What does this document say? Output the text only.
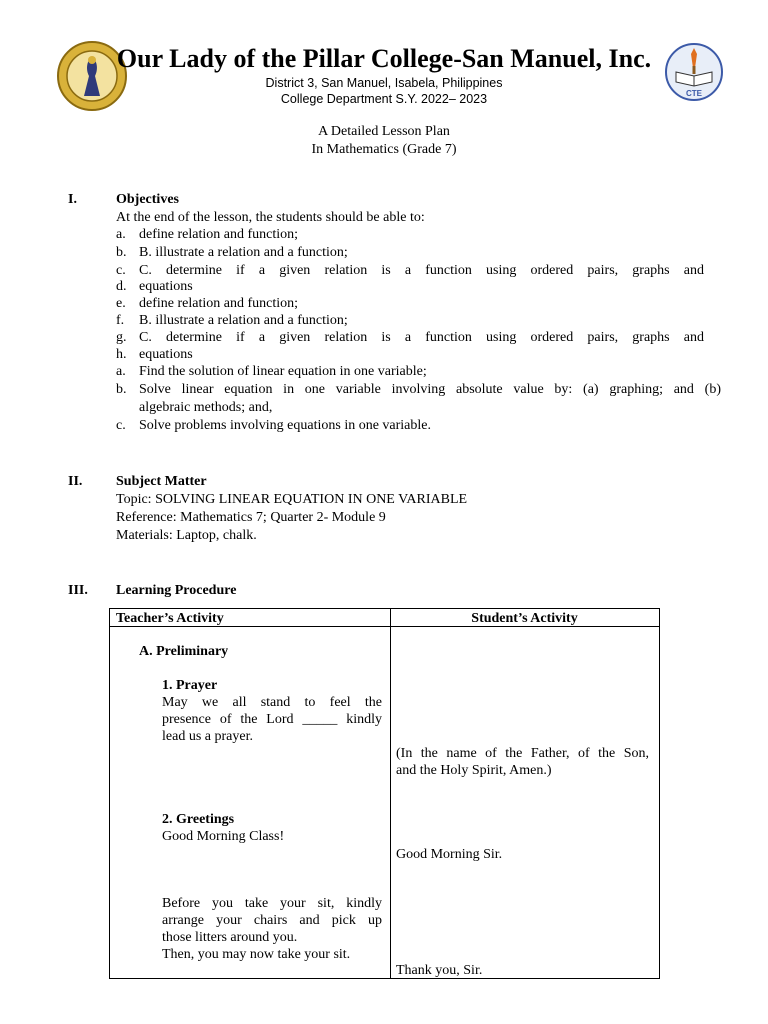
CTE
Our Lady of the Pillar College-San Manuel, Inc.
District 3, San Manuel, Isabela, Philippines
College Department S.Y. 2022– 2023
A Detailed Lesson Plan
In Mathematics (Grade 7)
I.	Objectives
At the end of the lesson, the students should be able to:
a. define relation and function;
b. B. illustrate a relation and a function;
c. C. determine if a given relation is a function using ordered pairs, graphs and
d. equations
e. define relation and function;
f. B. illustrate a relation and a function;
g. C. determine if a given relation is a function using ordered pairs, graphs and
h. equations
a. Find the solution of linear equation in one variable;
b. Solve linear equation in one variable involving absolute value by: (a) graphing; and (b)
algebraic methods; and,
c. Solve problems involving equations in one variable.
II. Subject Matter
Topic: SOLVING LINEAR EQUATION IN ONE VARIABLE
Reference: Mathematics 7; Quarter 2- Module 9
Materials: Laptop, chalk.
III. Learning Procedure
Teacher’s Activity	Student’s Activity
A. Preliminary
1. Prayer
May we all stand to feel the
presence of the Lord _____ kindly
lead us a prayer.
(In the name of the Father, of the Son,
and the Holy Spirit, Amen.)
2. Greetings
Good Morning Class!
Good Morning Sir.
Before you take your sit, kindly
arrange your chairs and pick up
those litters around you.
Then, you may now take your sit.
Thank you, Sir.
